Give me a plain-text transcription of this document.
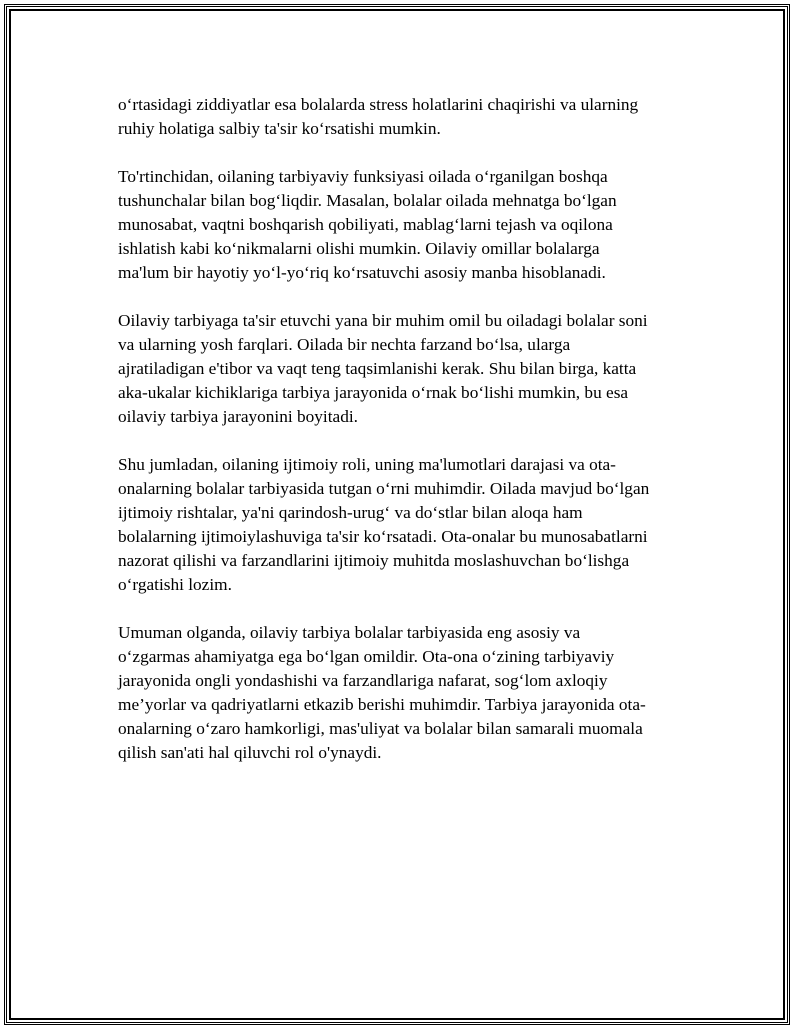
o‘rtasidagi ziddiyatlar esa bolalarda stress holatlarini chaqirishi va ularning
ruhiy holatiga salbiy ta'sir ko‘rsatishi mumkin.

To'rtinchidan, oilaning tarbiyaviy funksiyasi oilada o‘rganilgan boshqa
tushunchalar bilan bog‘liqdir. Masalan, bolalar oilada mehnatga bo‘lgan
munosabat, vaqtni boshqarish qobiliyati, mablag‘larni tejash va oqilona
ishlatish kabi ko‘nikmalarni olishi mumkin. Oilaviy omillar bolalarga
ma'lum bir hayotiy yo‘l-yo‘riq ko‘rsatuvchi asosiy manba hisoblanadi.

Oilaviy tarbiyaga ta'sir etuvchi yana bir muhim omil bu oiladagi bolalar soni
va ularning yosh farqlari. Oilada bir nechta farzand bo‘lsa, ularga
ajratiladigan e'tibor va vaqt teng taqsimlanishi kerak. Shu bilan birga, katta
aka-ukalar kichiklariga tarbiya jarayonida o‘rnak bo‘lishi mumkin, bu esa
oilaviy tarbiya jarayonini boyitadi.

Shu jumladan, oilaning ijtimoiy roli, uning ma'lumotlari darajasi va ota-
onalarning bolalar tarbiyasida tutgan o‘rni muhimdir. Oilada mavjud bo‘lgan
ijtimoiy rishtalar, ya'ni qarindosh-urug‘ va do‘stlar bilan aloqa ham
bolalarning ijtimoiylashuviga ta'sir ko‘rsatadi. Ota-onalar bu munosabatlarni
nazorat qilishi va farzandlarini ijtimoiy muhitda moslashuvchan bo‘lishga
o‘rgatishi lozim.

Umuman olganda, oilaviy tarbiya bolalar tarbiyasida eng asosiy va
o‘zgarmas ahamiyatga ega bo‘lgan omildir. Ota-ona o‘zining tarbiyaviy
jarayonida ongli yondashishi va farzandlariga nafarat, sog‘lom axloqiy
me’yorlar va qadriyatlarni etkazib berishi muhimdir. Tarbiya jarayonida ota-
onalarning o‘zaro hamkorligi, mas'uliyat va bolalar bilan samarali muomala
qilish san'ati hal qiluvchi rol o'ynaydi.
